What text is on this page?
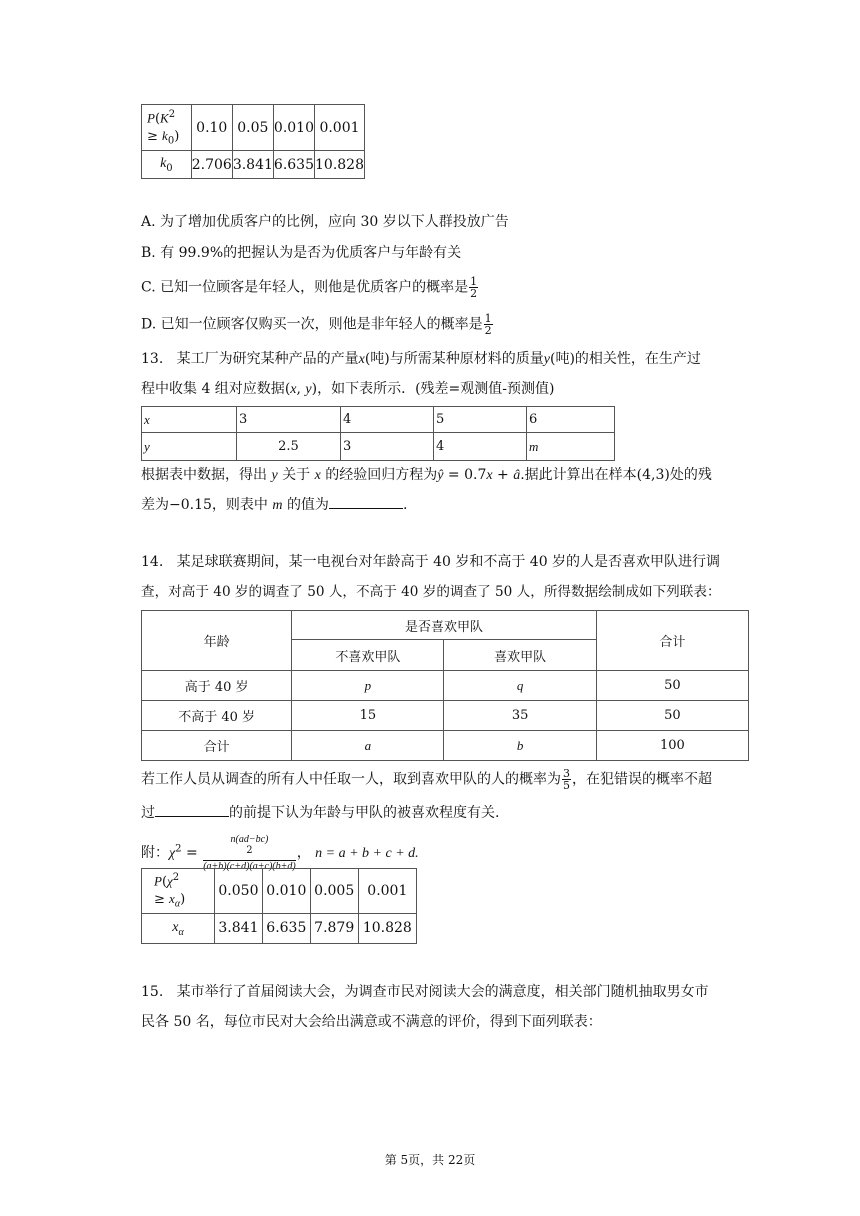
$P(K^2$
≥ $k_0$)	0.10	0.05	0.010	0.001
$k_0$	2.706	3.841	6.635	10.828
A. 为了增加优质客户的比例，应向 30 岁以下人群投放广告
B. 有 99.9%的把握认为是否为优质客户与年龄有关
C. 已知一位顾客是年轻人，则他是优质客户的概率是 $\frac{1}{2}$
D. 已知一位顾客仅购买一次，则他是非年轻人的概率是 $\frac{1}{2}$
13. 某工厂为研究某种产品的产量x(吨)与所需某种原材料的质量y(吨)的相关性，在生产过
程中收集 4 组对应数据(x, y)，如下表所示．(残差=观测值-预测值)
x	3	4	5	6
y	2.5	3	4	m
根据表中数据，得出 y 关于 x 的经验回归方程为ŷ = 0.7x + â.据此计算出在样本(4,3)处的残
差为−0.15，则表中 m 的值为	.
14. 某足球联赛期间，某一电视台对年龄高于 40 岁和不高于 40 岁的人是否喜欢甲队进行调
查，对高于 40 岁的调查了 50 人，不高于 40 岁的调查了 50 人，所得数据绘制成如下列联表：
年龄	是否喜欢甲队		合计
	不喜欢甲队	喜欢甲队	
高于 40 岁	p	q	50
不高于 40 岁	15	35	50
合计	a	b	100
若工作人员从调查的所有人中任取一人，取到喜欢甲队的人的概率为 $\frac{3}{5}$ ，在犯错误的概率不超
过	的前提下认为年龄与甲队的被喜欢程度有关.
附：$\chi^2 = n(ad-bc)$
$^2$
(a+b)(c+d)(a+c)(b+d) ， n = a + b + c + d.
$P(\chi^2$
≥ $x_\alpha$)	0.050	0.010	0.005	0.001
$x_\alpha$	3.841	6.635	7.879	10.828
15. 某市举行了首届阅读大会，为调查市民对阅读大会的满意度，相关部门随机抽取男女市
民各 50 名，每位市民对大会给出满意或不满意的评价，得到下面列联表：
第 5页，共 22页
